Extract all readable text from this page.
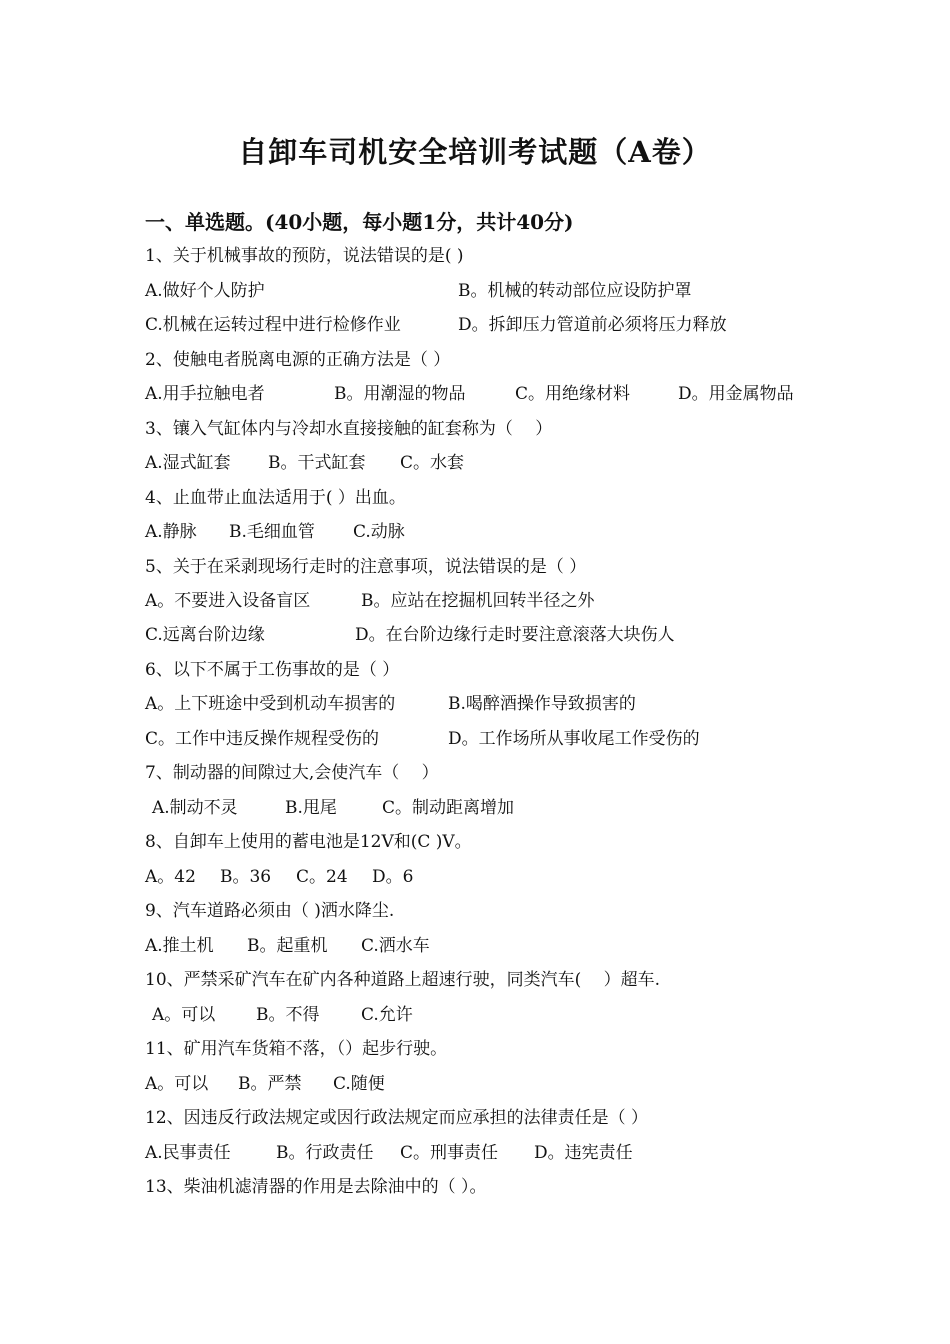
自卸车司机安全培训考试题（A卷）
一、单选题。(40小题，每小题1分，共计40分)
1、关于机械事故的预防，说法错误的是( )
A.做好个人防护	B。机械的转动部位应设防护罩
C.机械在运转过程中进行检修作业	D。拆卸压力管道前必须将压力释放
2、使触电者脱离电源的正确方法是（ ）
A.用手拉触电者	B。用潮湿的物品	C。用绝缘材料	D。用金属物品
3、镶入气缸体内与冷却水直接接触的缸套称为（　 ）
A.湿式缸套 B。干式缸套 C。水套
4、止血带止血法适用于( ）出血。
A.静脉 B.毛细血管 C.动脉
5、关于在采剥现场行走时的注意事项，说法错误的是（ ）
A。不要进入设备盲区	B。应站在挖掘机回转半径之外
C.远离台阶边缘	D。在台阶边缘行走时要注意滚落大块伤人
6、以下不属于工伤事故的是（ ）
A。上下班途中受到机动车损害的	B.喝醉酒操作导致损害的
C。工作中违反操作规程受伤的	D。工作场所从事收尾工作受伤的
7、制动器的间隙过大,会使汽车（　 ）
A.制动不灵	B.甩尾	C。制动距离增加
8、自卸车上使用的蓄电池是12V和(C )V。
A。42 B。36 C。24 D。6
9、汽车道路必须由（ )洒水降尘.
A.推土机 B。起重机 C.洒水车
10、严禁采矿汽车在矿内各种道路上超速行驶，同类汽车(　 ）超车.
A。可以 B。不得 C.允许
11、矿用汽车货箱不落，（）起步行驶。
A。可以 B。严禁 C.随便
12、因违反行政法规定或因行政法规定而应承担的法律责任是（ ）
A.民事责任	B。行政责任 C。刑事责任 D。违宪责任
13、柴油机滤清器的作用是去除油中的（ ）。
